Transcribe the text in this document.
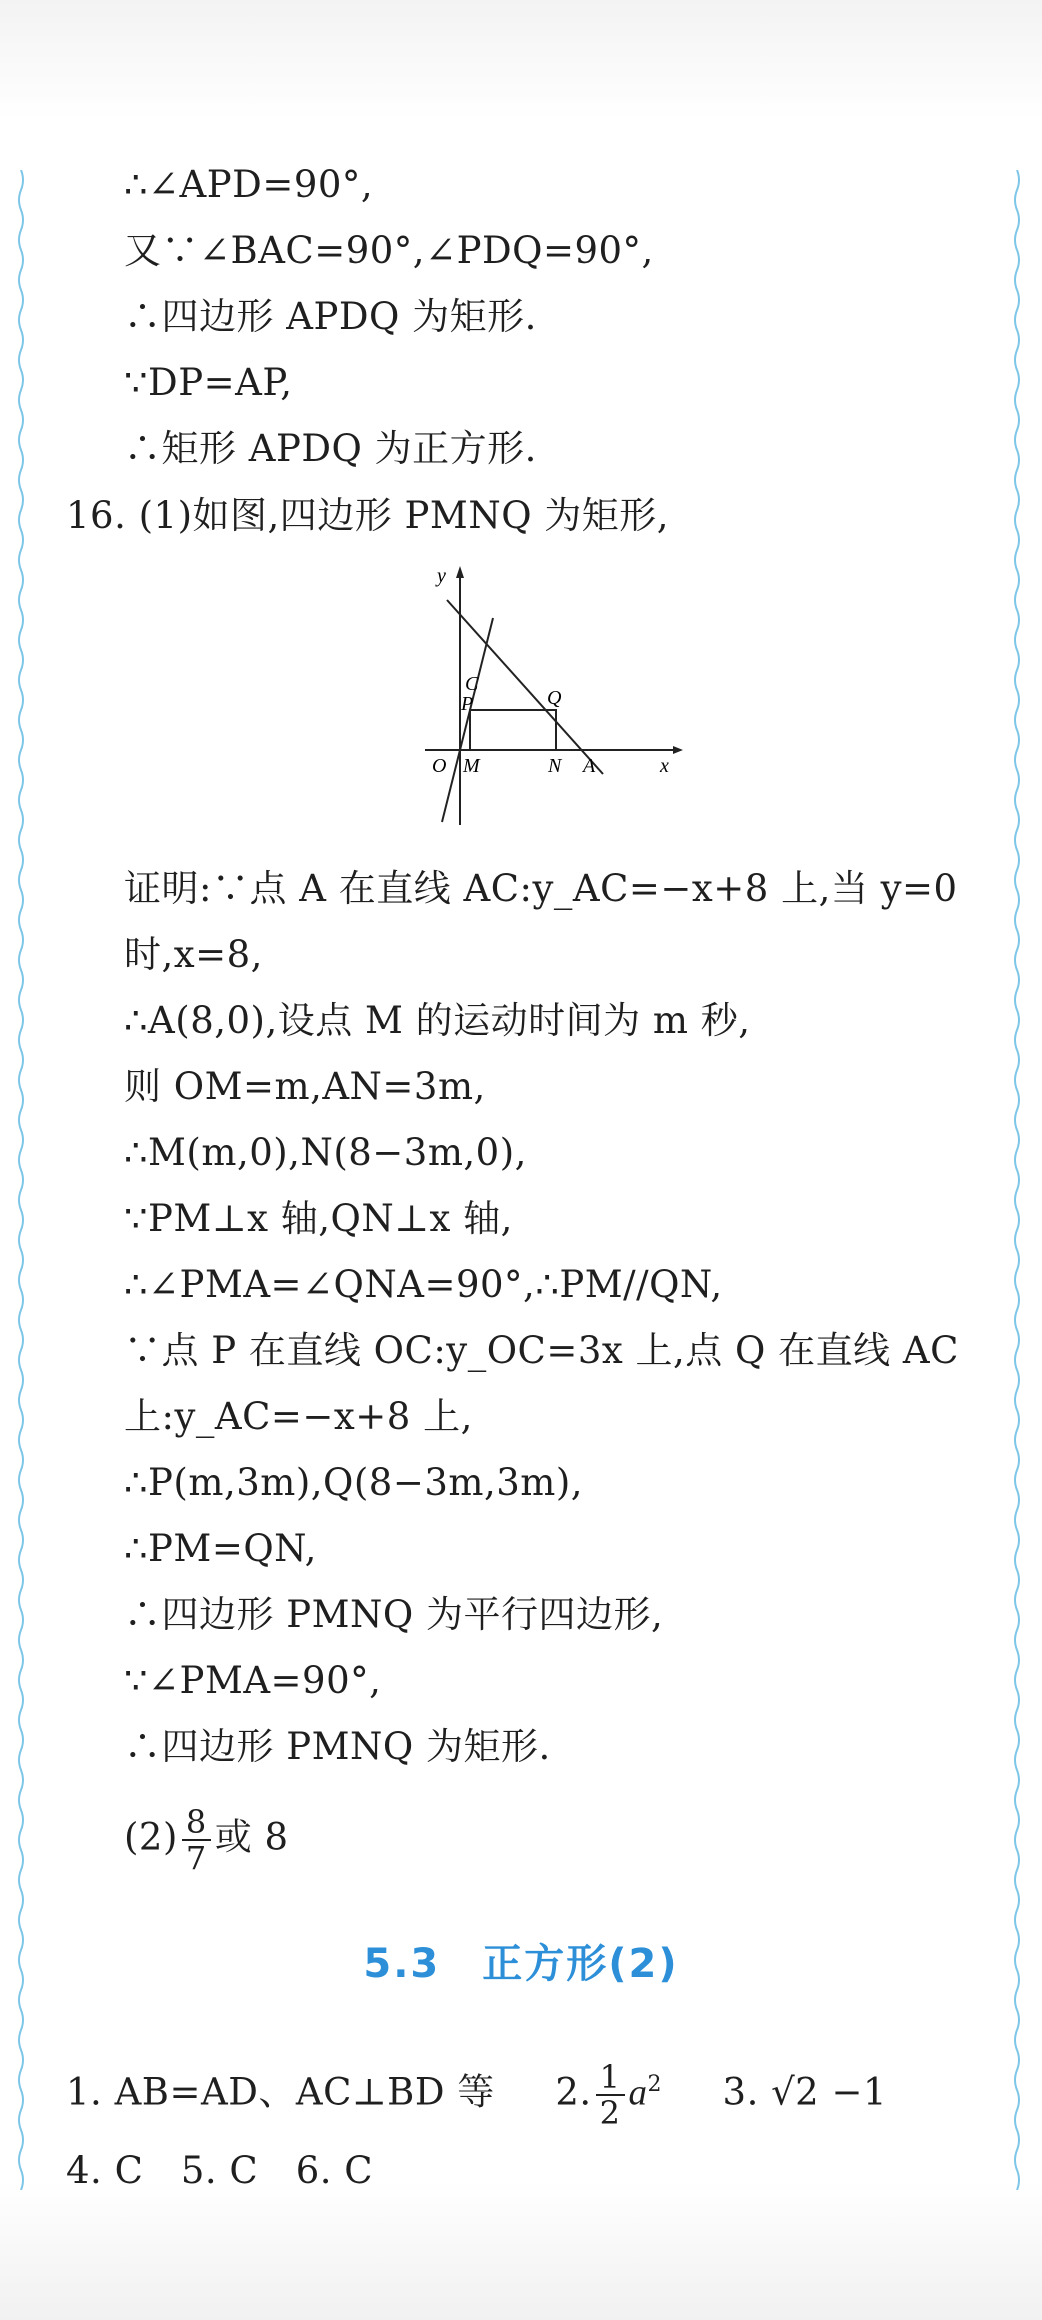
∴∠APD=90°,
又∵∠BAC=90°,∠PDQ=90°,
∴四边形 APDQ 为矩形.
∵DP=AP,
∴矩形 APDQ 为正方形.
16. (1)如图,四边形 PMNQ 为矩形,
y
x
O M	N A
C
P	Q
证明:∵点 A 在直线 AC:y_AC=−x+8 上,当 y=0
时,x=8,
∴A(8,0),设点 M 的运动时间为 m 秒,
则 OM=m,AN=3m,
∴M(m,0),N(8−3m,0),
∵PM⊥x 轴,QN⊥x 轴,
∴∠PMA=∠QNA=90°,∴PM//QN,
∵点 P 在直线 OC:y_OC=3x 上,点 Q 在直线 AC
上:y_AC=−x+8 上,
∴P(m,3m),Q(8−3m,3m),
∴PM=QN,
∴四边形 PMNQ 为平行四边形,
∵∠PMA=90°,
∴四边形 PMNQ 为矩形.
$(2) \frac{8}{7}$ 或 8
5.3　正方形(2)
1. AB=AD、AC⊥BD 等 2. $\frac{1}{2} a^2$ 3. √2 −1
4. C　5. C　6. C
